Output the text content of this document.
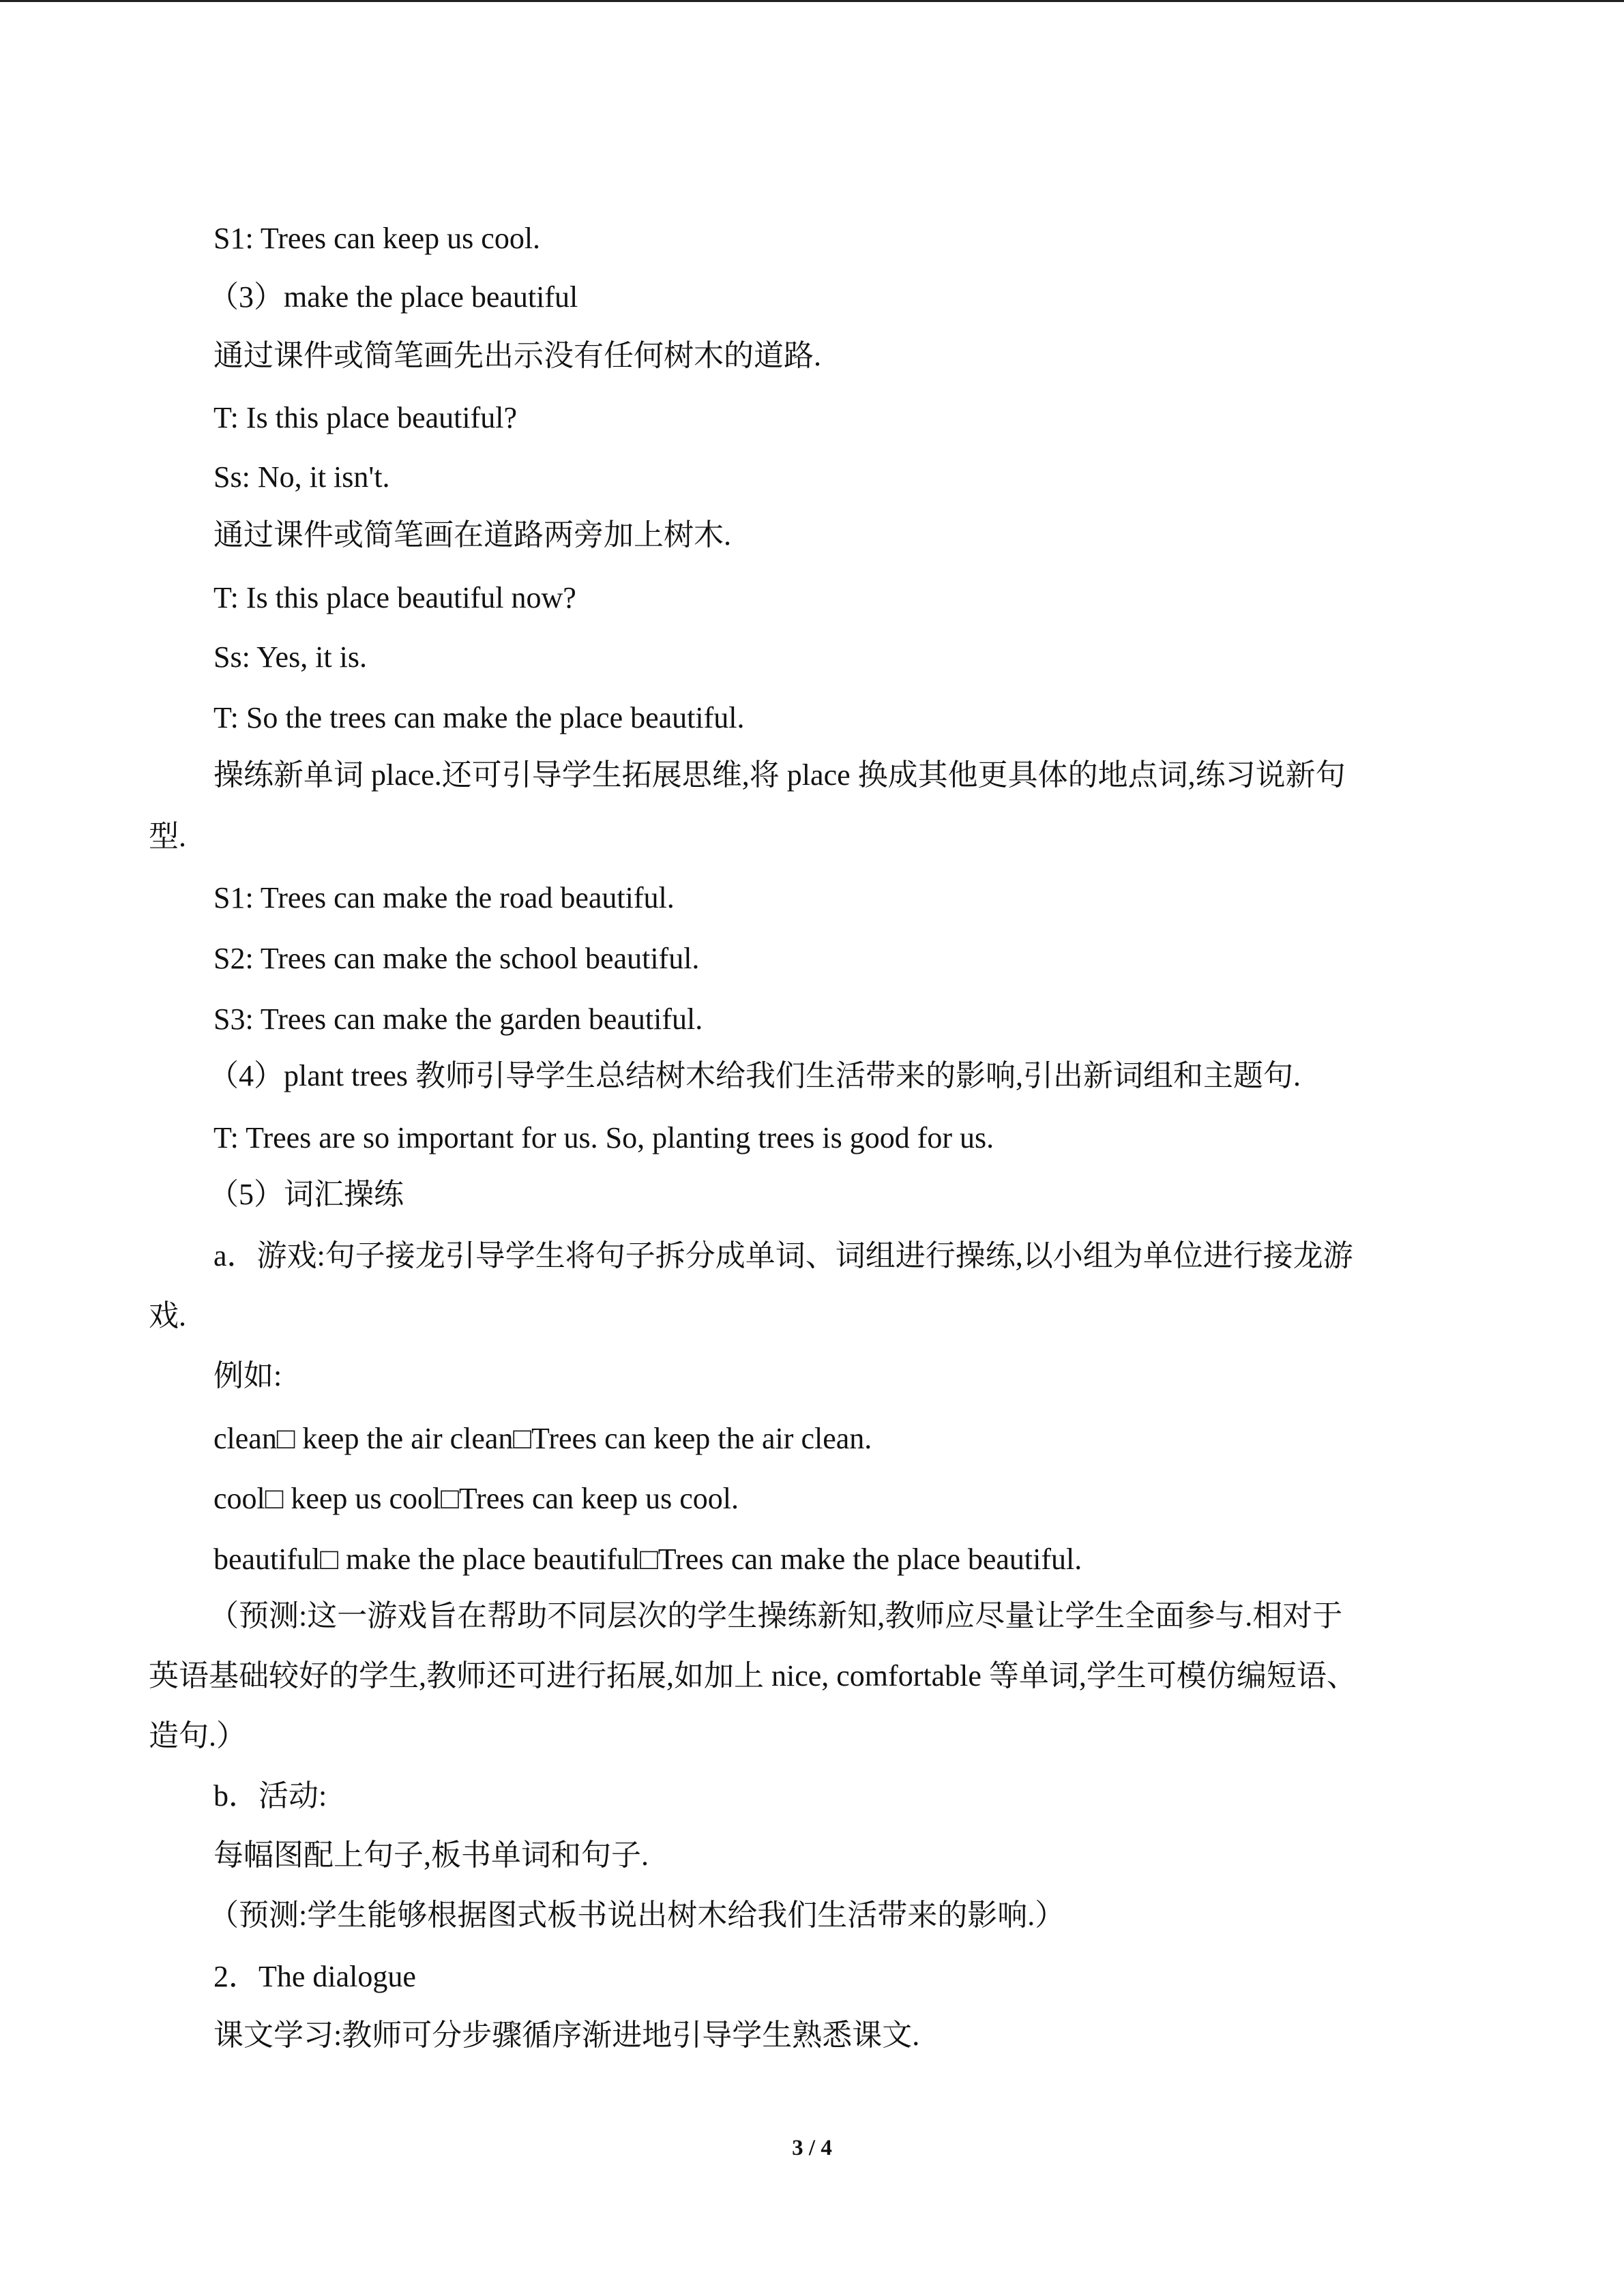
S1: Trees can keep us cool.
（3）make the place beautiful
通过课件或简笔画先出示没有任何树木的道路.
T: Is this place beautiful?
Ss: No, it isn't.
通过课件或简笔画在道路两旁加上树木.
T: Is this place beautiful now?
Ss: Yes, it is.
T: So the trees can make the place beautiful.
操练新单词 place.还可引导学生拓展思维,将 place 换成其他更具体的地点词,练习说新句
型.
S1: Trees can make the road beautiful.
S2: Trees can make the school beautiful.
S3: Trees can make the garden beautiful.
（4）plant trees 教师引导学生总结树木给我们生活带来的影响,引出新词组和主题句.
T: Trees are so important for us. So, planting trees is good for us.
（5）词汇操练
a．游戏:句子接龙引导学生将句子拆分成单词、词组进行操练,以小组为单位进行接龙游
戏.
例如:
clean□ keep the air clean□Trees can keep the air clean.
cool□ keep us cool□Trees can keep us cool.
beautiful□ make the place beautiful□Trees can make the place beautiful.
（预测:这一游戏旨在帮助不同层次的学生操练新知,教师应尽量让学生全面参与.相对于
英语基础较好的学生,教师还可进行拓展,如加上 nice, comfortable 等单词,学生可模仿编短语、
造句.）
b．活动:
每幅图配上句子,板书单词和句子.
（预测:学生能够根据图式板书说出树木给我们生活带来的影响.）
2．The dialogue
课文学习:教师可分步骤循序渐进地引导学生熟悉课文.
3 / 4
